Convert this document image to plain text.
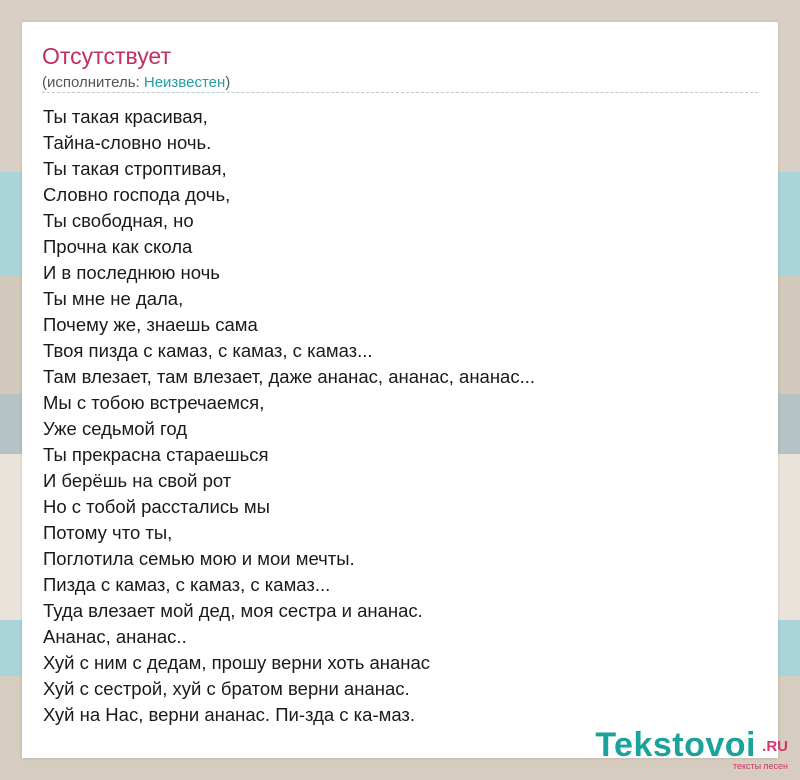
Отсутствует
(исполнитель: Неизвестен)
Ты такая красивая,
Тайна-словно ночь.
Ты такая строптивая,
Словно господа дочь,
Ты свободная, но
Прочна как скола
И в последнюю ночь
Ты мне не дала,
Почему же, знаешь сама
Твоя пизда с камаз, с камаз, с камаз...
Там влезает, там влезает, даже ананас, ананас, ананас...
Мы с тобою встречаемся,
Уже седьмой год
Ты прекрасна стараешься
И берёшь на свой рот
Но с тобой расстались мы
Потому что ты,
Поглотила семью мою и мои мечты.
Пизда с камаз, с камаз, с камаз...
Туда влезает мой дед, моя сестра и ананас.
Ананас, ананас..
Хуй с ним с дедам, прошу верни хоть ананас
Хуй с сестрой, хуй с братом верни ананас.
Хуй на Нас, верни ананас. Пи-зда с ка-маз.
Tekstovoi .RU
тексты песен
